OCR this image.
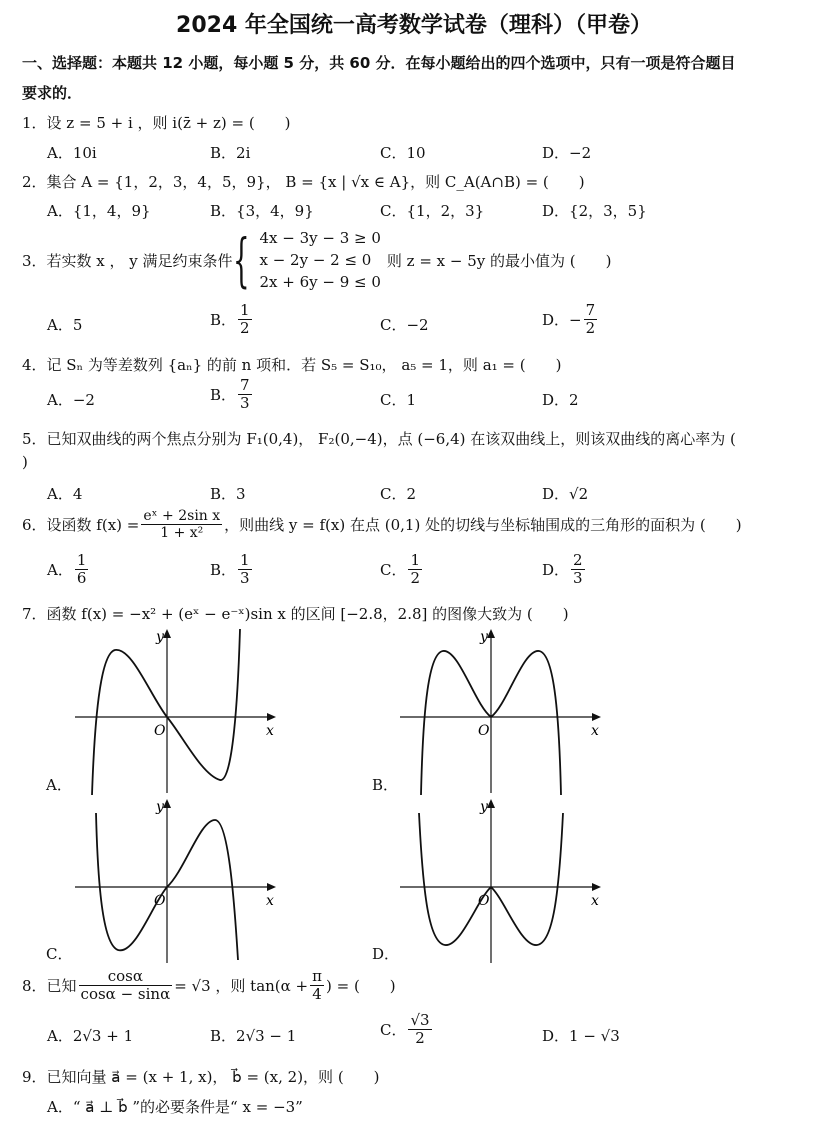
2024 年全国统一高考数学试卷（理科）（甲卷）
一、选择题：本题共 12 小题，每小题 5 分，共 60 分．在每小题给出的四个选项中，只有一项是符合题目
要求的．
1．设 z = 5 + i ，则 i(z̄ + z) = (　　)
A．10i	B．2i	C．10	D．−2
2．集合 A = {1，2，3，4，5，9}， B = {x | √x ∈ A}，则 C_A(A∩B) = (　　)
A．{1，4，9}	B．{3，4，9}	C．{1，2，3}	D．{2，3，5}
3．若实数 x ， y 满足约束条件 { 4x − 3y − 3 ≥ 0
x − 2y − 2 ≤ 0
2x + 6y − 9 ≤ 0
则 z = x − 5y 的最小值为 (　　)
A．5	B． $\frac{1}{2}$	C．−2	D．− $\frac{7}{2}$
4．记 Sₙ 为等差数列 {aₙ} 的前 n 项和．若 S₅ = S₁₀， a₅ = 1，则 a₁ = (　　)
A．−2	B． $\frac{7}{3}$	C．1	D．2
5．已知双曲线的两个焦点分别为 F₁(0,4)， F₂(0,−4)，点 (−6,4) 在该双曲线上，则该双曲线的离心率为 (
)
A．4	B．3	C．2	D．√2
6．设函数 $f(x) = \frac{\text{eˣ + 2sin x}}{\text{1 + x²}}$ ，则曲线 y = f(x) 在点 (0,1) 处的切线与坐标轴围成的三角形的面积为 (　　)
A． $\frac{1}{6}$	B． $\frac{1}{3}$	C． $\frac{1}{2}$	D． $\frac{2}{3}$
7．函数 f(x) = −x² + (eˣ − e⁻ˣ)sin x 的区间 [−2.8，2.8] 的图像大致为 (　　)
A．
y
x
O
B．
y
x
O
C．
y
x
O
D．
y
x
O
8．已知 $\frac{\cos\alpha}{\cos\alpha - \sin\alpha} = √3$ ，则 $\tan(\alpha + \frac{\pi}{4}$ ) = (　　)
A．2√3 + 1	B．2√3 − 1	C． $\frac{√3}{2}$	D．1 − √3
9．已知向量 a⃗ = (x + 1, x)， b⃗ = (x, 2)，则 (　　)
A．“ a⃗ ⊥ b⃗ ”的必要条件是“ x = −3”
